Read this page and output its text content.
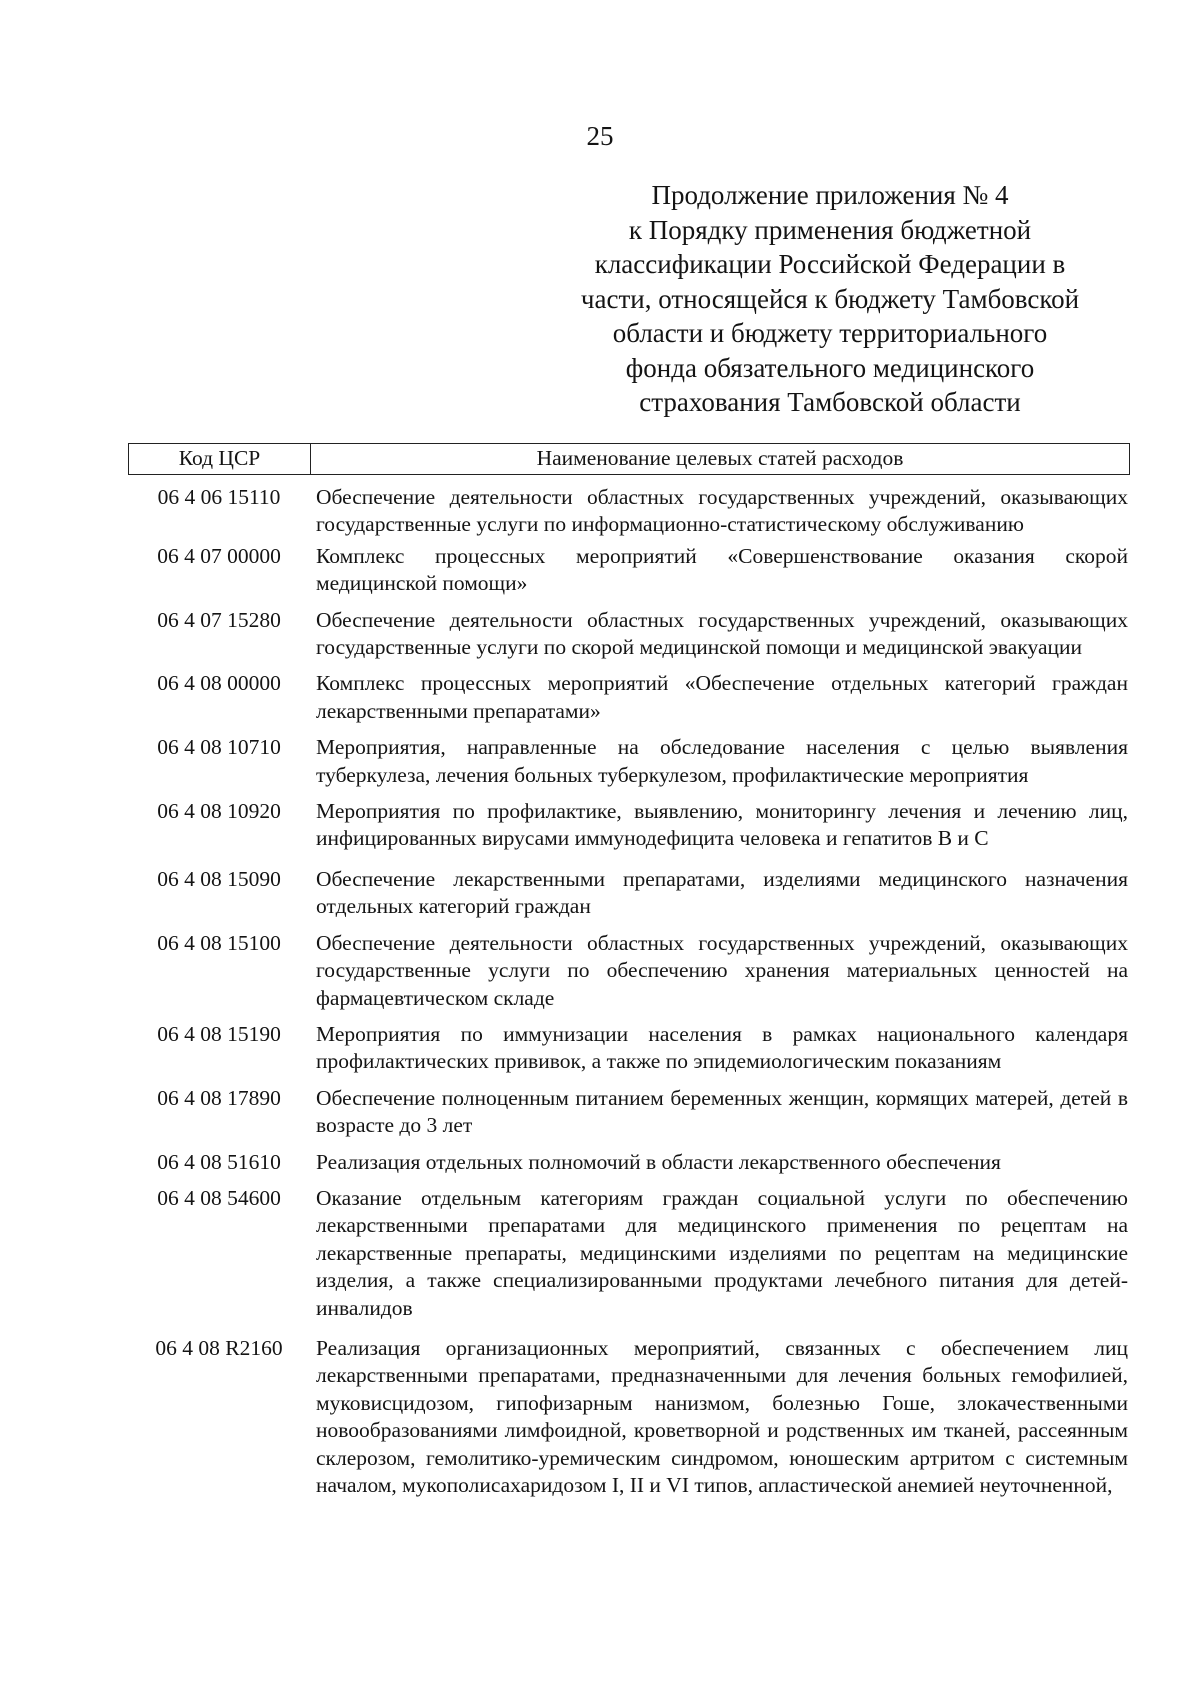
25
Продолжение приложения № 4
к Порядку применения бюджетной
классификации Российской Федерации в
части, относящейся к бюджету Тамбовской
области и бюджету территориального
фонда обязательного медицинского
страхования Тамбовской области
Код ЦСР	Наименование целевых статей расходов
06 4 06 15110	Обеспечение деятельности областных государственных учреждений, оказывающих государственные услуги по информационно-статистическому обслуживанию
06 4 07 00000	Комплекс процессных мероприятий «Совершенствование оказания скорой медицинской помощи»
06 4 07 15280	Обеспечение деятельности областных государственных учреждений, оказывающих государственные услуги по скорой медицинской помощи и медицинской эвакуации
06 4 08 00000	Комплекс процессных мероприятий «Обеспечение отдельных категорий граждан лекарственными препаратами»
06 4 08 10710	Мероприятия, направленные на обследование населения с целью выявления туберкулеза, лечения больных туберкулезом, профилактические мероприятия
06 4 08 10920	Мероприятия по профилактике, выявлению, мониторингу лечения и лечению лиц, инфицированных вирусами иммунодефицита человека и гепатитов B и C
06 4 08 15090	Обеспечение лекарственными препаратами, изделиями медицинского назначения отдельных категорий граждан
06 4 08 15100	Обеспечение деятельности областных государственных учреждений, оказывающих государственные услуги по обеспечению хранения материальных ценностей на фармацевтическом складе
06 4 08 15190	Мероприятия по иммунизации населения в рамках национального календаря профилактических прививок, а также по эпидемиологическим показаниям
06 4 08 17890	Обеспечение полноценным питанием беременных женщин, кормящих матерей, детей в возрасте до 3 лет
06 4 08 51610	Реализация отдельных полномочий в области лекарственного обеспечения
06 4 08 54600	Оказание отдельным категориям граждан социальной услуги по обеспечению лекарственными препаратами для медицинского применения по рецептам на лекарственные препараты, медицинскими изделиями по рецептам на медицинские изделия, а также специализированными продуктами лечебного питания для детей-инвалидов
06 4 08 R2160	Реализация организационных мероприятий, связанных с обеспечением лиц лекарственными препаратами, предназначенными для лечения больных гемофилией, муковисцидозом, гипофизарным нанизмом, болезнью Гоше, злокачественными новообразованиями лимфоидной, кроветворной и родственных им тканей, рассеянным склерозом, гемолитико-уремическим синдромом, юношеским артритом с системным началом, мукополисахаридозом I, II и VI типов, апластической анемией неуточненной,
